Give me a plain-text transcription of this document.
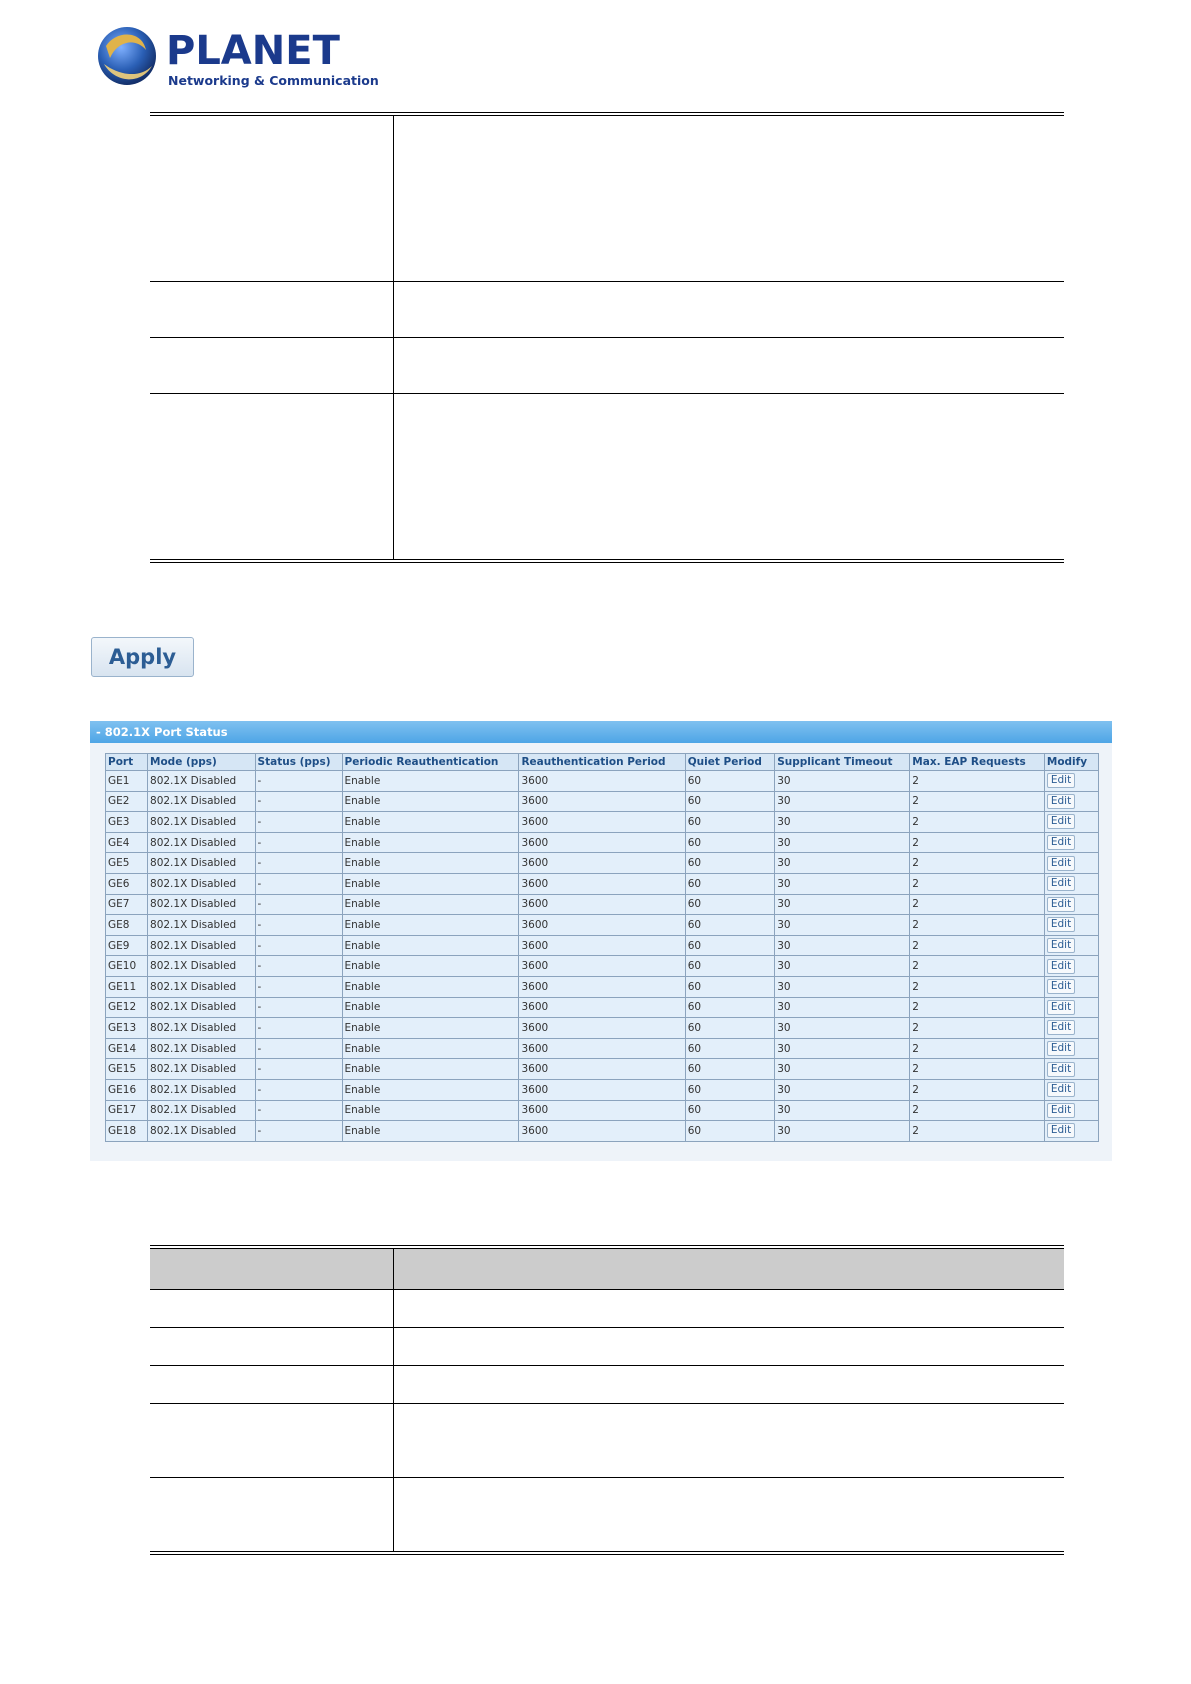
PLANET
Networking & Communication
Apply
- 802.1X Port Status
Port	Mode (pps)	Status (pps)	Periodic Reauthentication	Reauthentication Period	Quiet Period	Supplicant Timeout	Max. EAP Requests	Modify
GE1	802.1X Disabled	-	Enable	3600	60	30	2	Edit
GE2	802.1X Disabled	-	Enable	3600	60	30	2	Edit
GE3	802.1X Disabled	-	Enable	3600	60	30	2	Edit
GE4	802.1X Disabled	-	Enable	3600	60	30	2	Edit
GE5	802.1X Disabled	-	Enable	3600	60	30	2	Edit
GE6	802.1X Disabled	-	Enable	3600	60	30	2	Edit
GE7	802.1X Disabled	-	Enable	3600	60	30	2	Edit
GE8	802.1X Disabled	-	Enable	3600	60	30	2	Edit
GE9	802.1X Disabled	-	Enable	3600	60	30	2	Edit
GE10	802.1X Disabled	-	Enable	3600	60	30	2	Edit
GE11	802.1X Disabled	-	Enable	3600	60	30	2	Edit
GE12	802.1X Disabled	-	Enable	3600	60	30	2	Edit
GE13	802.1X Disabled	-	Enable	3600	60	30	2	Edit
GE14	802.1X Disabled	-	Enable	3600	60	30	2	Edit
GE15	802.1X Disabled	-	Enable	3600	60	30	2	Edit
GE16	802.1X Disabled	-	Enable	3600	60	30	2	Edit
GE17	802.1X Disabled	-	Enable	3600	60	30	2	Edit
GE18	802.1X Disabled	-	Enable	3600	60	30	2	Edit
